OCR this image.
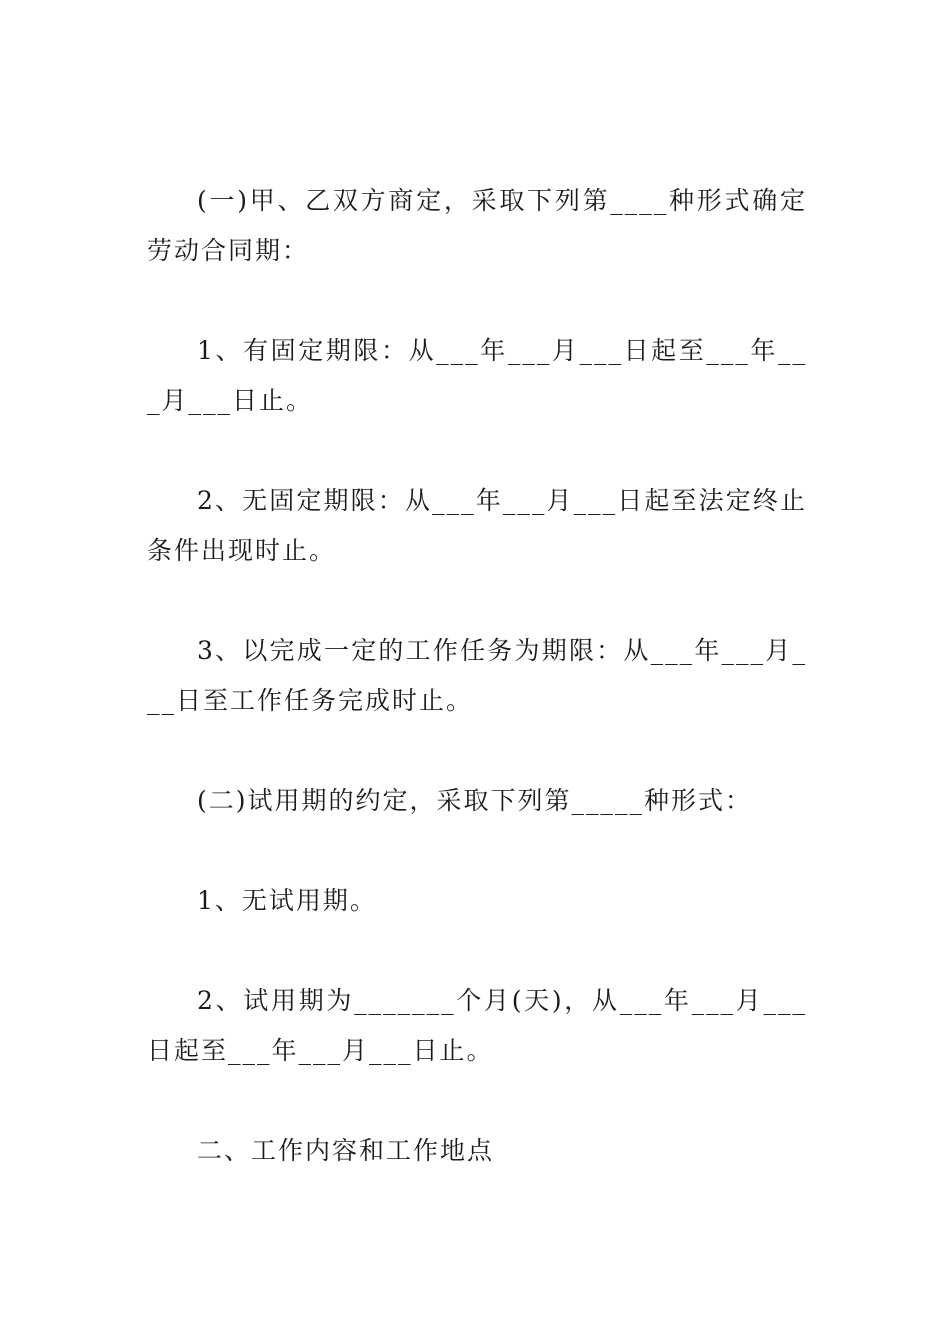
(一)甲、乙双方商定，采取下列第____种形式确定劳动合同期：

1、有固定期限：从___年___月___日起至___年___月___日止。

2、无固定期限：从___年___月___日起至法定终止条件出现时止。

3、以完成一定的工作任务为期限：从___年___月___日至工作任务完成时止。

(二)试用期的约定，采取下列第_____种形式：

1、无试用期。

2、试用期为_______个月(天)，从___年___月___日起至___年___月___日止。

二、工作内容和工作地点
